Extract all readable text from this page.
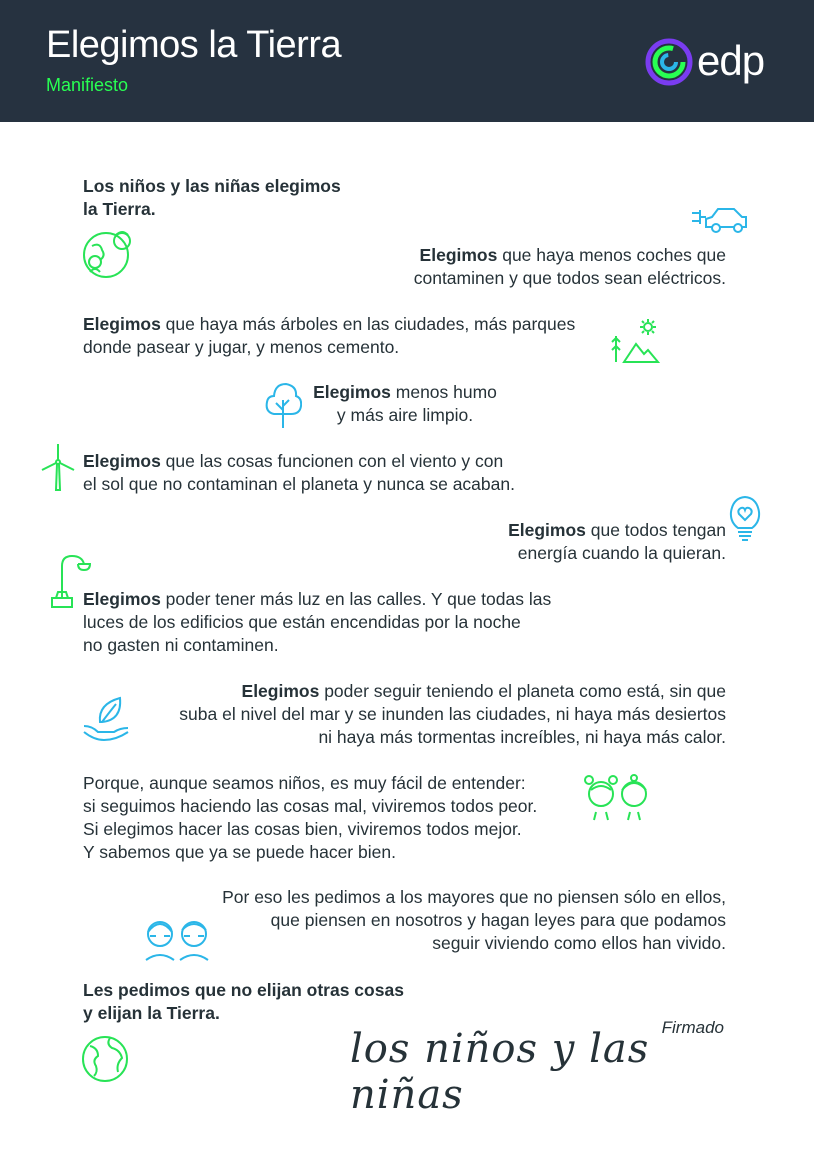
Elegimos la Tierra
Manifiesto
edp
Los niños y las niñas elegimos
la Tierra.
Elegimos que haya menos coches que
contaminen y que todos sean eléctricos.
Elegimos que haya más árboles en las ciudades, más parques
donde pasear y jugar, y menos cemento.
Elegimos menos humo
y más aire limpio.
Elegimos que las cosas funcionen con el viento y con
el sol que no contaminan el planeta y nunca se acaban.
Elegimos que todos tengan
energía cuando la quieran.
Elegimos poder tener más luz en las calles. Y que todas las
luces de los edificios que están encendidas por la noche
no gasten ni contaminen.
Elegimos poder seguir teniendo el planeta como está, sin que
suba el nivel del mar y se inunden las ciudades, ni haya más desiertos
ni haya más tormentas increíbles, ni haya más calor.
Porque, aunque seamos niños, es muy fácil de entender:
si seguimos haciendo las cosas mal, viviremos todos peor.
Si elegimos hacer las cosas bien, viviremos todos mejor.
Y sabemos que ya se puede hacer bien.
Por eso les pedimos a los mayores que no piensen sólo en ellos,
que piensen en nosotros y hagan leyes para que podamos
seguir viviendo como ellos han vivido.
Les pedimos que no elijan otras cosas
y elijan la Tierra.
Firmado
los niños y las niñas
